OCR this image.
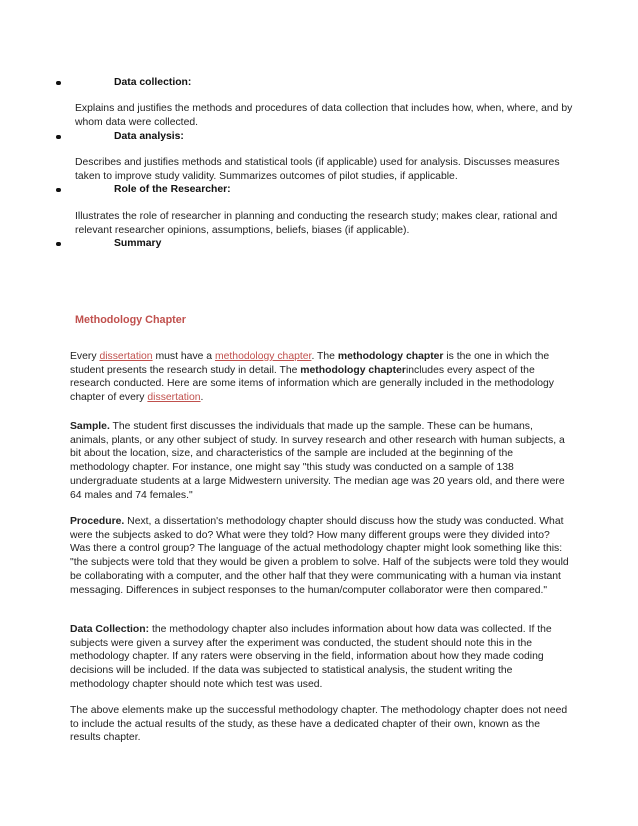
Data collection:
Explains and justifies the methods and procedures of data collection that includes how, when, where, and by whom data were collected.
Data analysis:
Describes and justifies methods and statistical tools (if applicable) used for analysis. Discusses measures taken to improve study validity. Summarizes outcomes of pilot studies, if applicable.
Role of the Researcher:
Illustrates the role of researcher in planning and conducting the research study; makes clear, rational and relevant researcher opinions, assumptions, beliefs, biases (if applicable).
Summary
Methodology Chapter

Every dissertation must have a methodology chapter. The methodology chapter is the one in which the student presents the research study in detail. The methodology chapterincludes every aspect of the research conducted. Here are some items of information which are generally included in the methodology chapter of every dissertation.

Sample. The student first discusses the individuals that made up the sample. These can be humans, animals, plants, or any other subject of study. In survey research and other research with human subjects, a bit about the location, size, and characteristics of the sample are included at the beginning of the methodology chapter. For instance, one might say "this study was conducted on a sample of 138 undergraduate students at a large Midwestern university. The median age was 20 years old, and there were 64 males and 74 females."

Procedure. Next, a dissertation's methodology chapter should discuss how the study was conducted. What were the subjects asked to do? What were they told? How many different groups were they divided into? Was there a control group? The language of the actual methodology chapter might look something like this: "the subjects were told that they would be given a problem to solve. Half of the subjects were told they would be collaborating with a computer, and the other half that they were communicating with a human via instant messaging. Differences in subject responses to the human/computer collaborator were then compared."

Data Collection: the methodology chapter also includes information about how data was collected. If the subjects were given a survey after the experiment was conducted, the student should note this in the methodology chapter. If any raters were observing in the field, information about how they made coding decisions will be included. If the data was subjected to statistical analysis, the student writing the methodology chapter should note which test was used.

The above elements make up the successful methodology chapter. The methodology chapter does not need to include the actual results of the study, as these have a dedicated chapter of their own, known as the results chapter.
